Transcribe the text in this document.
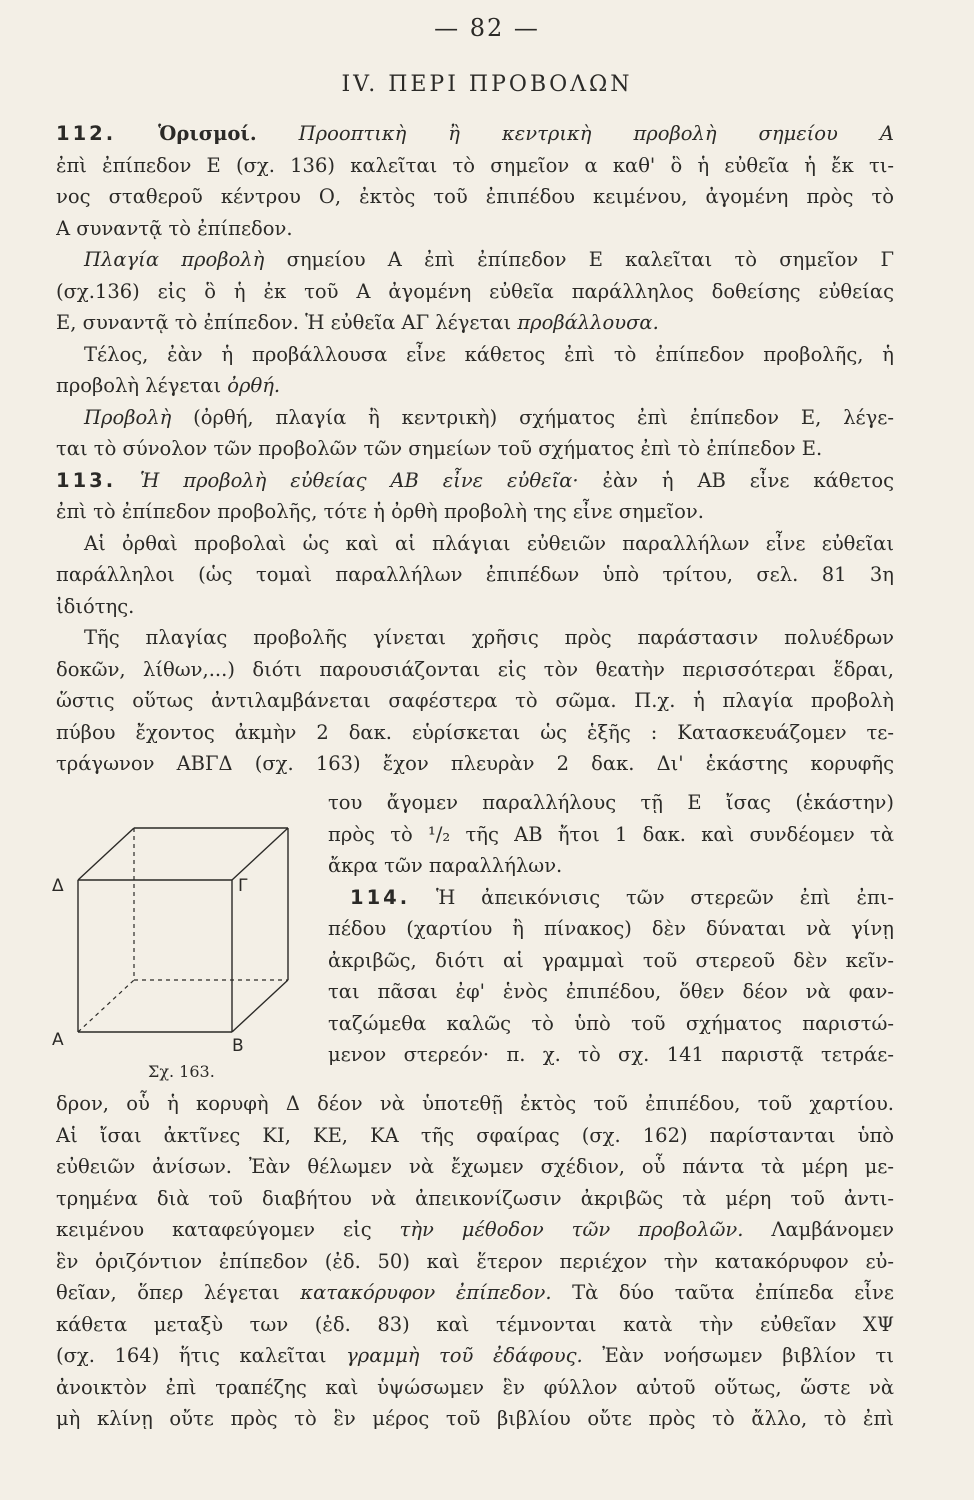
— 82 —
IV. ΠΕΡΙ ΠΡΟΒΟΛΩΝ
112. Ὁρισμοί. Προοπτικὴ ἢ κεντρικὴ προβολὴ σημείου Α
ἐπὶ ἐπίπεδον Ε (σχ. 136) καλεῖται τὸ σημεῖον α καθ' ὃ ἡ εὐθεῖα ἡ ἔκ τι-
νος σταθεροῦ κέντρου Ο, ἐκτὸς τοῦ ἐπιπέδου κειμένου, ἀγομένη πρὸς τὸ
Α συναντᾷ τὸ ἐπίπεδον.
Πλαγία προβολὴ σημείου Α ἐπὶ ἐπίπεδον Ε καλεῖται τὸ σημεῖον Γ
(σχ.136) εἰς ὃ ἡ ἐκ τοῦ Α ἀγομένη εὐθεῖα παράλληλος δοθείσης εὐθείας
Ε, συναντᾷ τὸ ἐπίπεδον. Ἡ εὐθεῖα ΑΓ λέγεται προβάλλουσα.
Τέλος, ἐὰν ἡ προβάλλουσα εἶνε κάθετος ἐπὶ τὸ ἐπίπεδον προβολῆς, ἡ
προβολὴ λέγεται ὀρθή.
Προβολὴ (ὀρθή, πλαγία ἢ κεντρικὴ) σχήματος ἐπὶ ἐπίπεδον Ε, λέγε-
ται τὸ σύνολον τῶν προβολῶν τῶν σημείων τοῦ σχήματος ἐπὶ τὸ ἐπίπεδον Ε.
113. Ἡ προβολὴ εὐθείας ΑΒ εἶνε εὐθεῖα· ἐὰν ἡ ΑΒ εἶνε κάθετος
ἐπὶ τὸ ἐπίπεδον προβολῆς, τότε ἡ ὀρθὴ προβολὴ της εἶνε σημεῖον.
Αἱ ὀρθαὶ προβολαὶ ὡς καὶ αἱ πλάγιαι εὐθειῶν παραλλήλων εἶνε εὐθεῖαι
παράλληλοι (ὡς τομαὶ παραλλήλων ἐπιπέδων ὑπὸ τρίτου, σελ. 81 3η
ἰδιότης.
Τῆς πλαγίας προβολῆς γίνεται χρῆσις πρὸς παράστασιν πολυέδρων
δοκῶν, λίθων,...) διότι παρουσιάζονται εἰς τὸν θεατὴν περισσότεραι ἕδραι,
ὥστις οὕτως ἀντιλαμβάνεται σαφέστερα τὸ σῶμα. Π.χ. ἡ πλαγία προβολὴ
πύβου ἔχοντος ἀκμὴν 2 δακ. εὑρίσκεται ὡς ἑξῆς : Κατασκευάζομεν τε-
τράγωνον ΑΒΓΔ (σχ. 163) ἔχον πλευρὰν 2 δακ. Δι' ἑκάστης κορυφῆς
του ἄγομεν παραλλήλους τῇ Ε ἴσας (ἑκάστην)
πρὸς τὸ ¹/₂ τῆς ΑΒ ἤτοι 1 δακ. καὶ συνδέομεν τὰ
ἄκρα τῶν παραλλήλων.
114. Ἡ ἀπεικόνισις τῶν στερεῶν ἐπὶ ἐπι-
πέδου (χαρτίου ἢ πίνακος) δὲν δύναται νὰ γίνῃ
ἀκριβῶς, διότι αἱ γραμμαὶ τοῦ στερεοῦ δὲν κεῖν-
ται πᾶσαι ἐφ' ἑνὸς ἐπιπέδου, ὅθεν δέον νὰ φαν-
ταζώμεθα καλῶς τὸ ὑπὸ τοῦ σχήματος παριστώ-
μενον στερεόν· π. χ. τὸ σχ. 141 παριστᾷ τετράε-
Δ	Γ
Α	Β
Σχ. 163.
δρον, οὗ ἡ κορυφὴ Δ δέον νὰ ὑποτεθῇ ἐκτὸς τοῦ ἐπιπέδου, τοῦ χαρτίου.
Αἱ ἴσαι ἀκτῖνες ΚΙ, ΚΕ, ΚΑ τῆς σφαίρας (σχ. 162) παρίστανται ὑπὸ
εὐθειῶν ἀνίσων. Ἐὰν θέλωμεν νὰ ἔχωμεν σχέδιον, οὗ πάντα τὰ μέρη με-
τρημένα διὰ τοῦ διαβήτου νὰ ἀπεικονίζωσιν ἀκριβῶς τὰ μέρη τοῦ ἀντι-
κειμένου καταφεύγομεν εἰς τὴν μέθοδον τῶν προβολῶν. Λαμβάνομεν
ἓν ὁριζόντιον ἐπίπεδον (ἐδ. 50) καὶ ἕτερον περιέχον τὴν κατακόρυφον εὐ-
θεῖαν, ὅπερ λέγεται κατακόρυφον ἐπίπεδον. Τὰ δύο ταῦτα ἐπίπεδα εἶνε
κάθετα μεταξὺ των (ἐδ. 83) καὶ τέμνονται κατὰ τὴν εὐθεῖαν ΧΨ
(σχ. 164) ἥτις καλεῖται γραμμὴ τοῦ ἐδάφους. Ἐὰν νοήσωμεν βιβλίον τι
ἀνοικτὸν ἐπὶ τραπέζης καὶ ὑψώσωμεν ἓν φύλλον αὐτοῦ οὕτως, ὥστε νὰ
μὴ κλίνῃ οὔτε πρὸς τὸ ἓν μέρος τοῦ βιβλίου οὔτε πρὸς τὸ ἄλλο, τὸ ἐπὶ
